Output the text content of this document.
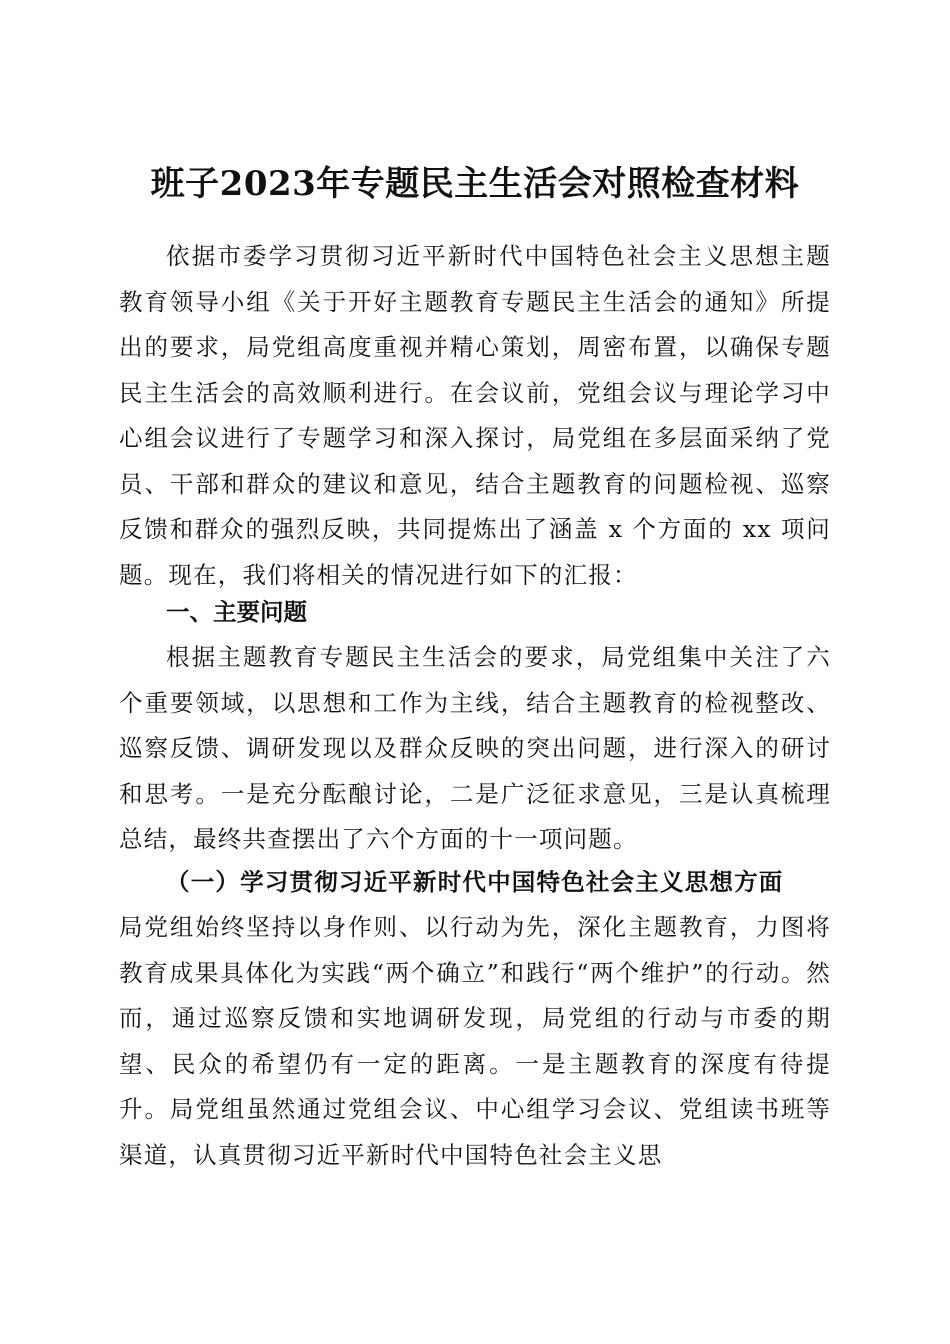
班子2023年专题民主生活会对照检查材料

依据市委学习贯彻习近平新时代中国特色社会主义思想主题教育领导小组《关于开好主题教育专题民主生活会的通知》所提出的要求，局党组高度重视并精心策划，周密布置，以确保专题民主生活会的高效顺利进行。在会议前，党组会议与理论学习中心组会议进行了专题学习和深入探讨，局党组在多层面采纳了党员、干部和群众的建议和意见，结合主题教育的问题检视、巡察反馈和群众的强烈反映，共同提炼出了涵盖 x 个方面的 xx 项问题。现在，我们将相关的情况进行如下的汇报：

一、主要问题

根据主题教育专题民主生活会的要求，局党组集中关注了六个重要领域，以思想和工作为主线，结合主题教育的检视整改、巡察反馈、调研发现以及群众反映的突出问题，进行深入的研讨和思考。一是充分酝酿讨论，二是广泛征求意见，三是认真梳理总结，最终共查摆出了六个方面的十一项问题。

（一）学习贯彻习近平新时代中国特色社会主义思想方面

局党组始终坚持以身作则、以行动为先，深化主题教育，力图将教育成果具体化为实践“两个确立”和践行“两个维护”的行动。然而，通过巡察反馈和实地调研发现，局党组的行动与市委的期望、民众的希望仍有一定的距离。一是主题教育的深度有待提升。局党组虽然通过党组会议、中心组学习会议、党组读书班等渠道，认真贯彻习近平新时代中国特色社会主义思
